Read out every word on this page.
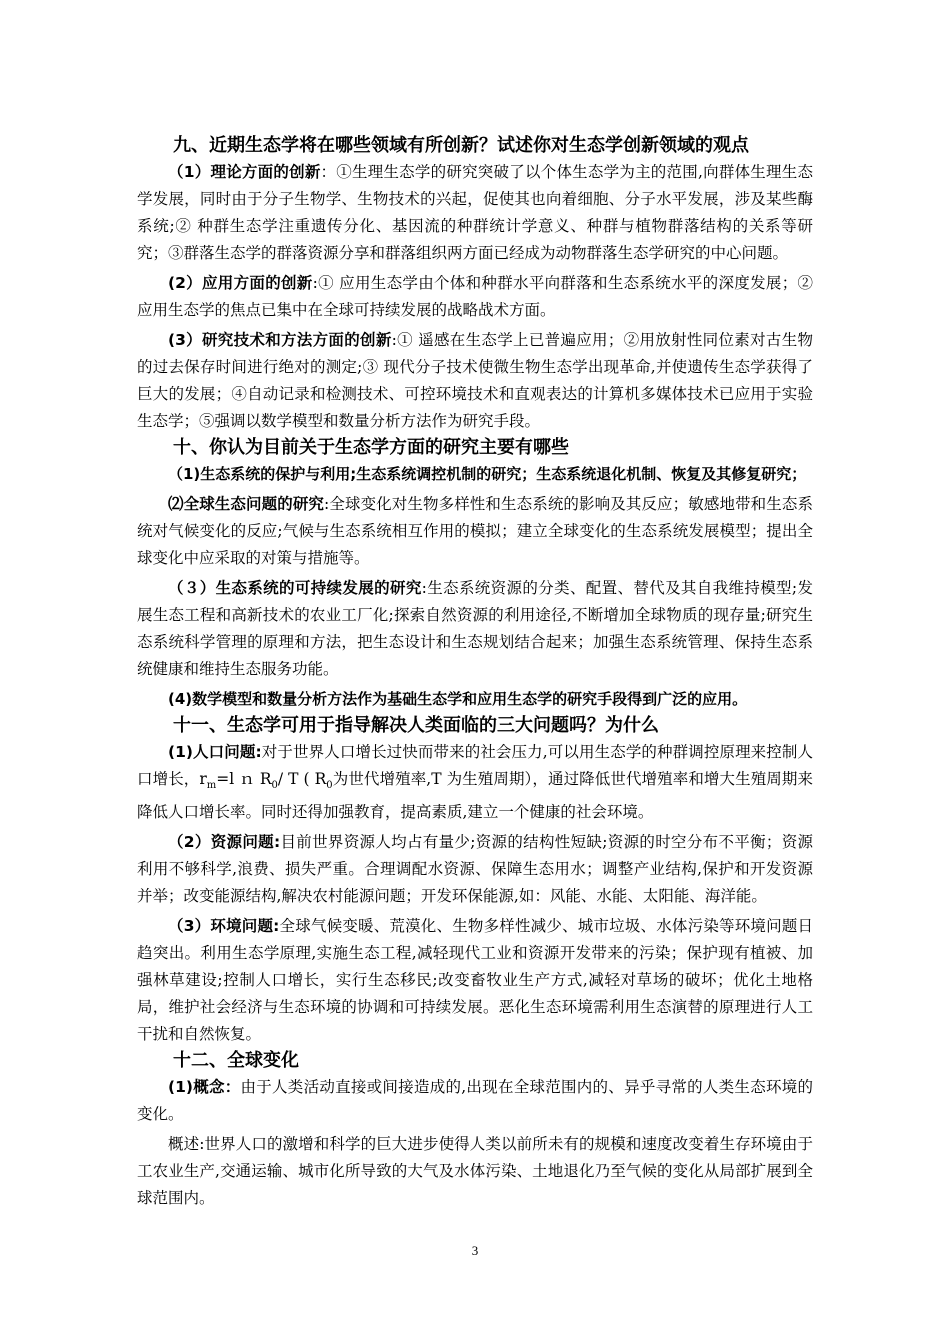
九、近期生态学将在哪些领域有所创新？试述你对生态学创新领域的观点

（1）理论方面的创新：①生理生态学的研究突破了以个体生态学为主的范围,向群体生理生态学发展，同时由于分子生物学、生物技术的兴起，促使其也向着细胞、分子水平发展，涉及某些酶系统;② 种群生态学注重遗传分化、基因流的种群统计学意义、种群与植物群落结构的关系等研究；③群落生态学的群落资源分享和群落组织两方面已经成为动物群落生态学研究的中心问题。

(2）应用方面的创新:① 应用生态学由个体和种群水平向群落和生态系统水平的深度发展；②应用生态学的焦点已集中在全球可持续发展的战略战术方面。

(3）研究技术和方法方面的创新:① 遥感在生态学上已普遍应用；②用放射性同位素对古生物的过去保存时间进行绝对的测定;③ 现代分子技术使微生物生态学出现革命,并使遗传生态学获得了巨大的发展；④自动记录和检测技术、可控环境技术和直观表达的计算机多媒体技术已应用于实验生态学；⑤强调以数学模型和数量分析方法作为研究手段。

十、你认为目前关于生态学方面的研究主要有哪些

（1)生态系统的保护与利用;生态系统调控机制的研究；生态系统退化机制、恢复及其修复研究；

⑵全球生态问题的研究:全球变化对生物多样性和生态系统的影响及其反应；敏感地带和生态系统对气候变化的反应;气候与生态系统相互作用的模拟；建立全球变化的生态系统发展模型；提出全球变化中应采取的对策与措施等。

（３）生态系统的可持续发展的研究:生态系统资源的分类、配置、替代及其自我维持模型;发展生态工程和高新技术的农业工厂化;探索自然资源的利用途径,不断增加全球物质的现存量;研究生态系统科学管理的原理和方法，把生态设计和生态规划结合起来；加强生态系统管理、保持生态系统健康和维持生态服务功能。

(4)数学模型和数量分析方法作为基础生态学和应用生态学的研究手段得到广泛的应用。

十一、生态学可用于指导解决人类面临的三大问题吗？为什么

(1)人口问题:对于世界人口增长过快而带来的社会压力,可以用生态学的种群调控原理来控制人口增长，$r_m=l$ ｎ $R_0/$ T ( $R_0$为世代增殖率,T 为生殖周期），通过降低世代增殖率和增大生殖周期来降低人口增长率。同时还得加强教育，提高素质,建立一个健康的社会环境。

（2）资源问题:目前世界资源人均占有量少;资源的结构性短缺;资源的时空分布不平衡；资源利用不够科学,浪费、损失严重。合理调配水资源、保障生态用水；调整产业结构,保护和开发资源并举；改变能源结构,解决农村能源问题；开发环保能源,如：风能、水能、太阳能、海洋能。

（3）环境问题:全球气候变暖、荒漠化、生物多样性减少、城市垃圾、水体污染等环境问题日趋突出。利用生态学原理,实施生态工程,减轻现代工业和资源开发带来的污染；保护现有植被、加强林草建设;控制人口增长，实行生态移民;改变畜牧业生产方式,减轻对草场的破坏；优化土地格局，维护社会经济与生态环境的协调和可持续发展。恶化生态环境需利用生态演替的原理进行人工干扰和自然恢复。

十二、全球变化

(1)概念：由于人类活动直接或间接造成的,出现在全球范围内的、异乎寻常的人类生态环境的变化。

概述:世界人口的激增和科学的巨大进步使得人类以前所未有的规模和速度改变着生存环境由于工农业生产,交通运输、城市化所导致的大气及水体污染、土地退化乃至气候的变化从局部扩展到全球范围内。

3
